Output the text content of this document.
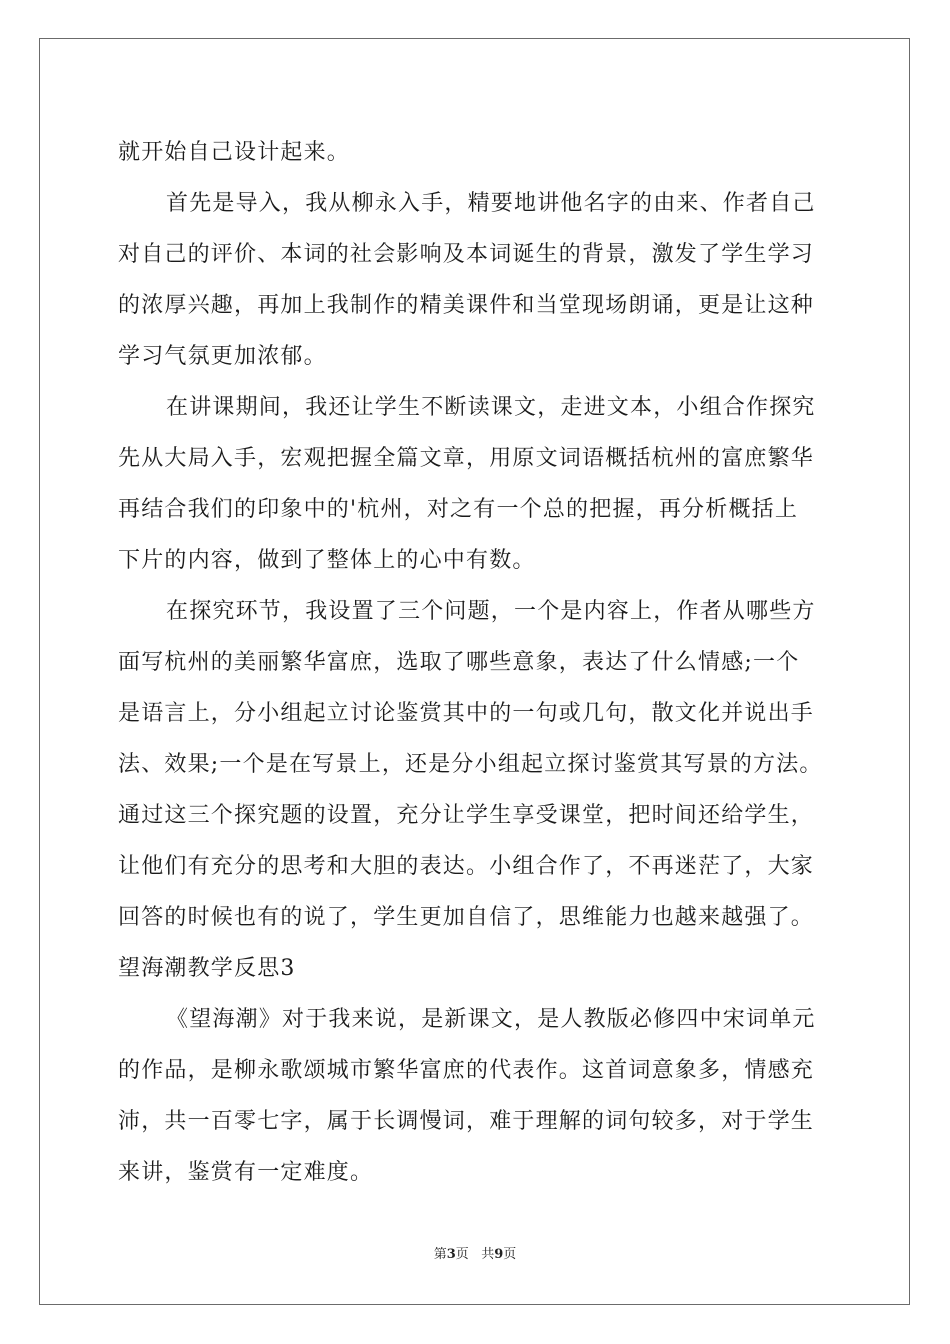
就开始自己设计起来。
首先是导入，我从柳永入手，精要地讲他名字的由来、作者自己
对自己的评价、本词的社会影响及本词诞生的背景，激发了学生学习
的浓厚兴趣，再加上我制作的精美课件和当堂现场朗诵，更是让这种
学习气氛更加浓郁。
在讲课期间，我还让学生不断读课文，走进文本，小组合作探究
先从大局入手，宏观把握全篇文章，用原文词语概括杭州的富庶繁华
再结合我们的印象中的'杭州，对之有一个总的把握，再分析概括上
下片的内容，做到了整体上的心中有数。
在探究环节，我设置了三个问题，一个是内容上，作者从哪些方
面写杭州的美丽繁华富庶，选取了哪些意象，表达了什么情感;一个
是语言上，分小组起立讨论鉴赏其中的一句或几句，散文化并说出手
法、效果;一个是在写景上，还是分小组起立探讨鉴赏其写景的方法。
通过这三个探究题的设置，充分让学生享受课堂，把时间还给学生，
让他们有充分的思考和大胆的表达。小组合作了，不再迷茫了，大家
回答的时候也有的说了，学生更加自信了，思维能力也越来越强了。
望海潮教学反思3
《望海潮》对于我来说，是新课文，是人教版必修四中宋词单元
的作品，是柳永歌颂城市繁华富庶的代表作。这首词意象多，情感充
沛，共一百零七字，属于长调慢词，难于理解的词句较多，对于学生
来讲，鉴赏有一定难度。
第3页 共9页
